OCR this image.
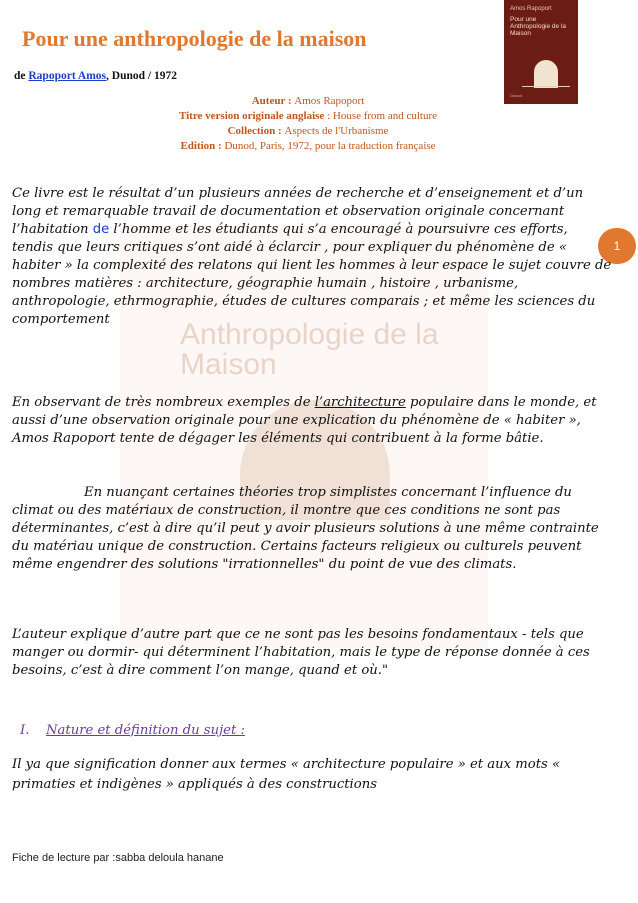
Anthropologie de la Maison
Pour une anthropologie de la maison
de Rapoport Amos, Dunod / 1972
Amos Rapoport
Pour une Anthropologie de la Maison
Dunod
Auteur : Amos Rapoport
Titre version originale anglaise : House from and culture
Collection : Aspects de l'Urbanisme
Edition : Dunod, Paris, 1972, pour la traduction française
1

Ce livre est le résultat d’un plusieurs années de recherche et d’enseignement et d’un long et remarquable travail de documentation et observation originale concernant l’habitation de l’homme et les étudiants qui s’a encouragé à poursuivre ces efforts, tendis que leurs critiques s’ont aidé à éclarcir , pour expliquer du phénomène de « habiter » la complexité des relatons qui lient les hommes à leur espace le sujet couvre de nombres matières : architecture, géographie humain , histoire , urbanisme, anthropologie, ethrmographie, études de cultures comparais ; et même les sciences du comportement

En observant de très nombreux exemples de l’architecture populaire dans le monde, et aussi d’une observation originale pour une explication du phénomène de « habiter », Amos Rapoport tente de dégager les éléments qui contribuent à la forme bâtie.

En nuançant certaines théories trop simplistes concernant l’influence du climat ou des matériaux de construction, il montre que ces conditions ne sont pas déterminantes, c’est à dire qu’il peut y avoir plusieurs solutions à une même contrainte du matériau unique de construction. Certains facteurs religieux ou culturels peuvent même engendrer des solutions "irrationnelles" du point de vue des climats.

L’auteur explique d’autre part que ce ne sont pas les besoins fondamentaux - tels que manger ou dormir- qui déterminent l’habitation, mais le type de réponse donnée à ces besoins, c’est à dire comment l’on mange, quand et où."

I. Nature et définition du sujet :

Il ya que signification donner aux termes « architecture populaire » et aux mots « primaties et indigènes » appliqués à des constructions

Fiche de lecture par :sabba deloula hanane
